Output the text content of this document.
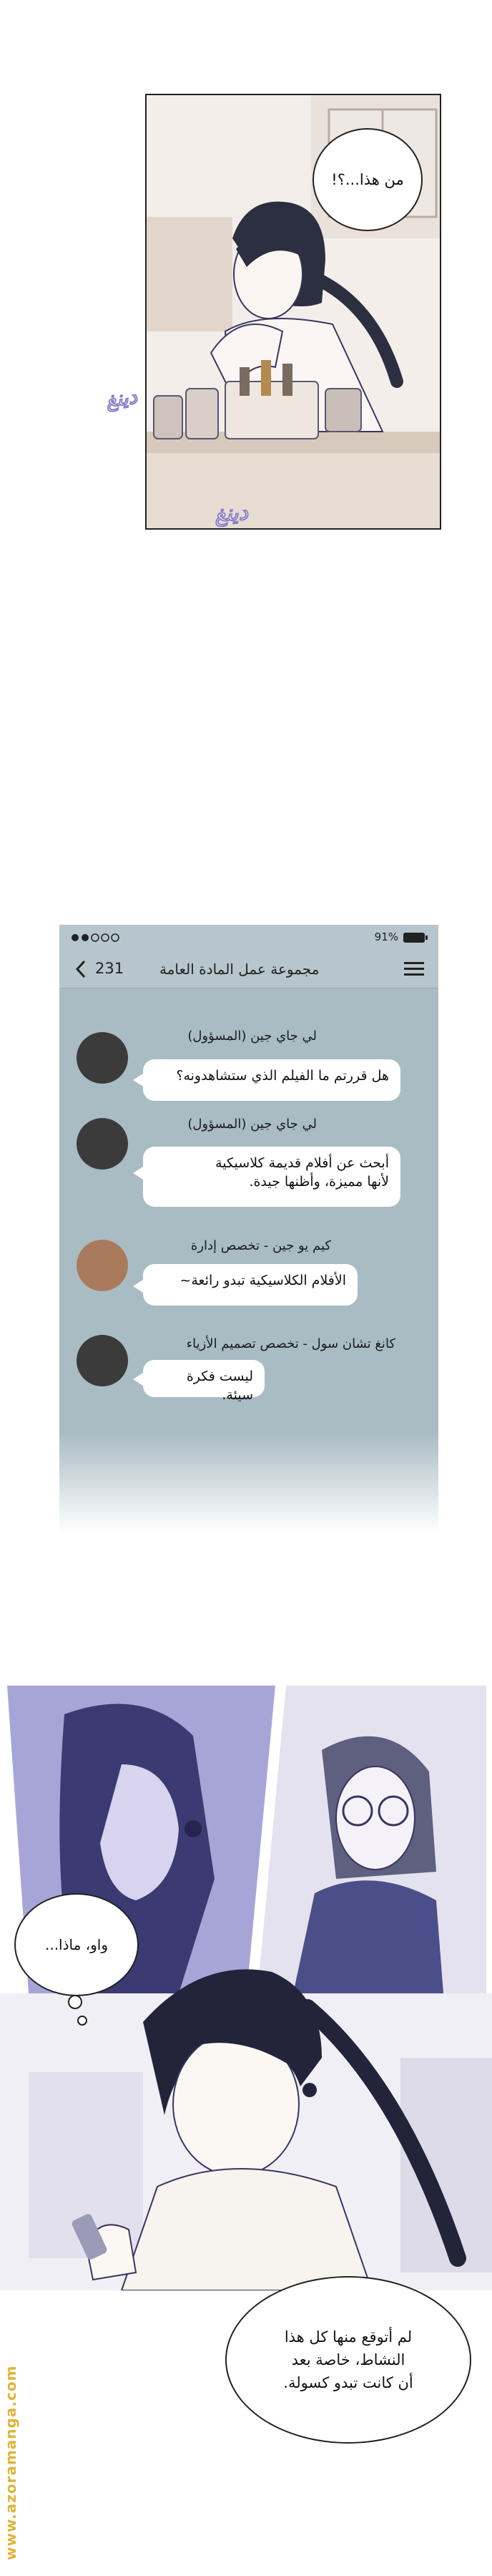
من هذا...؟!
دينغ
دينغ
91%
231 مجموعة عمل المادة العامة
لي جاي جين (المسؤول)
هل قررتم ما الفيلم الذي ستشاهدونه؟
لي جاي جين (المسؤول)
أبحث عن أفلام قديمة كلاسيكية
لأنها مميزة، وأظنها جيدة.
كيم يو جين - تخصص إدارة
الأفلام الكلاسيكية تبدو رائعة~
كانغ تشان سول - تخصص تصميم الأزياء
ليست فكرة سيئة.
واو، ماذا...
لم أتوقع منها كل هذا
النشاط، خاصة بعد
أن كانت تبدو كسولة.
www.azoramanga.com
